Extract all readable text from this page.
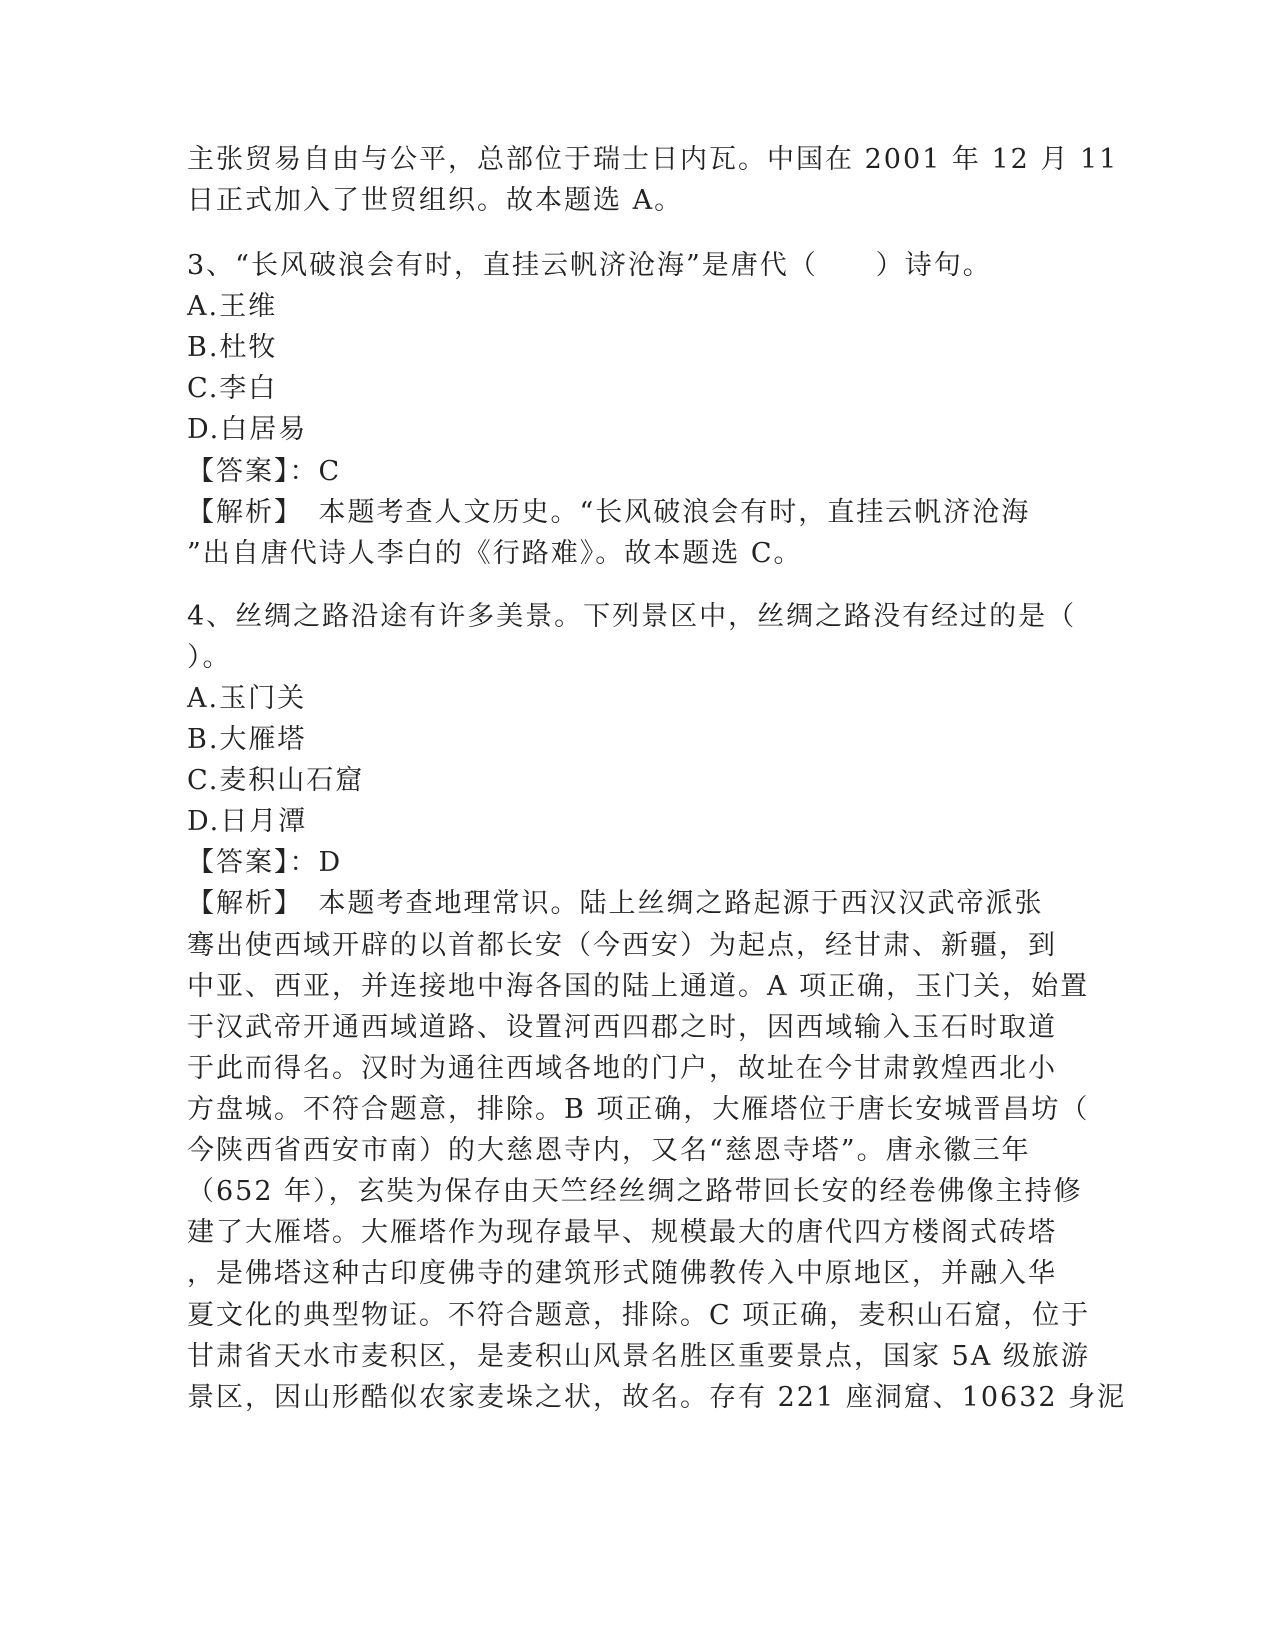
主张贸易自由与公平，总部位于瑞士日内瓦。中国在 2001 年 12 月 11
日正式加入了世贸组织。故本题选 A。
3、“长风破浪会有时，直挂云帆济沧海”是唐代（　　）诗句。
A.王维
B.杜牧
C.李白
D.白居易
【答案】：C
【解析】　本题考查人文历史。“长风破浪会有时，直挂云帆济沧海
”出自唐代诗人李白的《行路难》。故本题选 C。
4、丝绸之路沿途有许多美景。下列景区中，丝绸之路没有经过的是（
）。
A.玉门关
B.大雁塔
C.麦积山石窟
D.日月潭
【答案】：D
【解析】　本题考查地理常识。陆上丝绸之路起源于西汉汉武帝派张
骞出使西域开辟的以首都长安（今西安）为起点，经甘肃、新疆，到
中亚、西亚，并连接地中海各国的陆上通道。A 项正确，玉门关，始置
于汉武帝开通西域道路、设置河西四郡之时，因西域输入玉石时取道
于此而得名。汉时为通往西域各地的门户，故址在今甘肃敦煌西北小
方盘城。不符合题意，排除。B 项正确，大雁塔位于唐长安城晋昌坊（
今陕西省西安市南）的大慈恩寺内，又名“慈恩寺塔”。唐永徽三年
（652 年），玄奘为保存由天竺经丝绸之路带回长安的经卷佛像主持修
建了大雁塔。大雁塔作为现存最早、规模最大的唐代四方楼阁式砖塔
，是佛塔这种古印度佛寺的建筑形式随佛教传入中原地区，并融入华
夏文化的典型物证。不符合题意，排除。C 项正确，麦积山石窟，位于
甘肃省天水市麦积区，是麦积山风景名胜区重要景点，国家 5A 级旅游
景区，因山形酷似农家麦垛之状，故名。存有 221 座洞窟、10632 身泥
